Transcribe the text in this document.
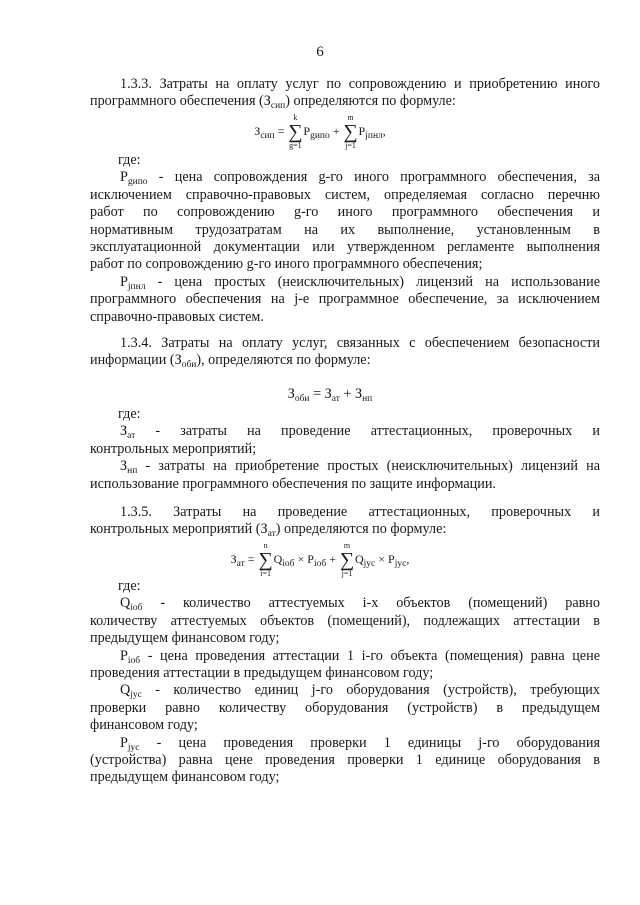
6
1.3.3. Затраты на оплату услуг по сопровождению и приобретению иного
программного обеспечения $(З_{сип})$ определяются по формуле:
$З_{сип}$ =
k
∑
g=1
$P_{gипо}$ +
m
∑
j=1
$P_{jпнл}$,
где:
$P_{gипо}$ - цена сопровождения g-го иного программного обеспечения, за
исключением справочно-правовых систем, определяемая согласно перечню
работ по сопровождению g-го иного программного обеспечения и
нормативным трудозатратам на их выполнение, установленным в
эксплуатационной документации или утвержденном регламенте выполнения
работ по сопровождению g-го иного программного обеспечения;
$P_{jпнл}$ - цена простых (неисключительных) лицензий на использование
программного обеспечения на j-е программное обеспечение, за исключением
справочно-правовых систем.
1.3.4. Затраты на оплату услуг, связанных с обеспечением безопасности
информации $(З_{оби})$, определяются по формуле:
$З_{оби} = З_{ат} + З_{нп}$
где:
$З_{ат}$ - затраты на проведение аттестационных, проверочных и
контрольных мероприятий;
$З_{нп}$ - затраты на приобретение простых (неисключительных) лицензий на
использование программного обеспечения по защите информации.
1.3.5. Затраты на проведение аттестационных, проверочных и
контрольных мероприятий $(З_{ат})$ определяются по формуле:
$З_{ат}$ =
n
∑
i=1
$Q_{iоб} \times P_{iоб}$ +
m
∑
j=1
$Q_{jус} \times P_{jус}$,
где:
$Q_{iоб}$ - количество аттестуемых i-х объектов (помещений) равно
количеству аттестуемых объектов (помещений), подлежащих аттестации в
предыдущем финансовом году;
$P_{iоб}$ - цена проведения аттестации 1 i-го объекта (помещения) равна цене
проведения аттестации в предыдущем финансовом году;
$Q_{jус}$ - количество единиц j-го оборудования (устройств), требующих
проверки равно количеству оборудования (устройств) в предыдущем
финансовом году;
$P_{jус}$ - цена проведения проверки 1 единицы j-го оборудования
(устройства) равна цене проведения проверки 1 единице оборудования в
предыдущем финансовом году;
